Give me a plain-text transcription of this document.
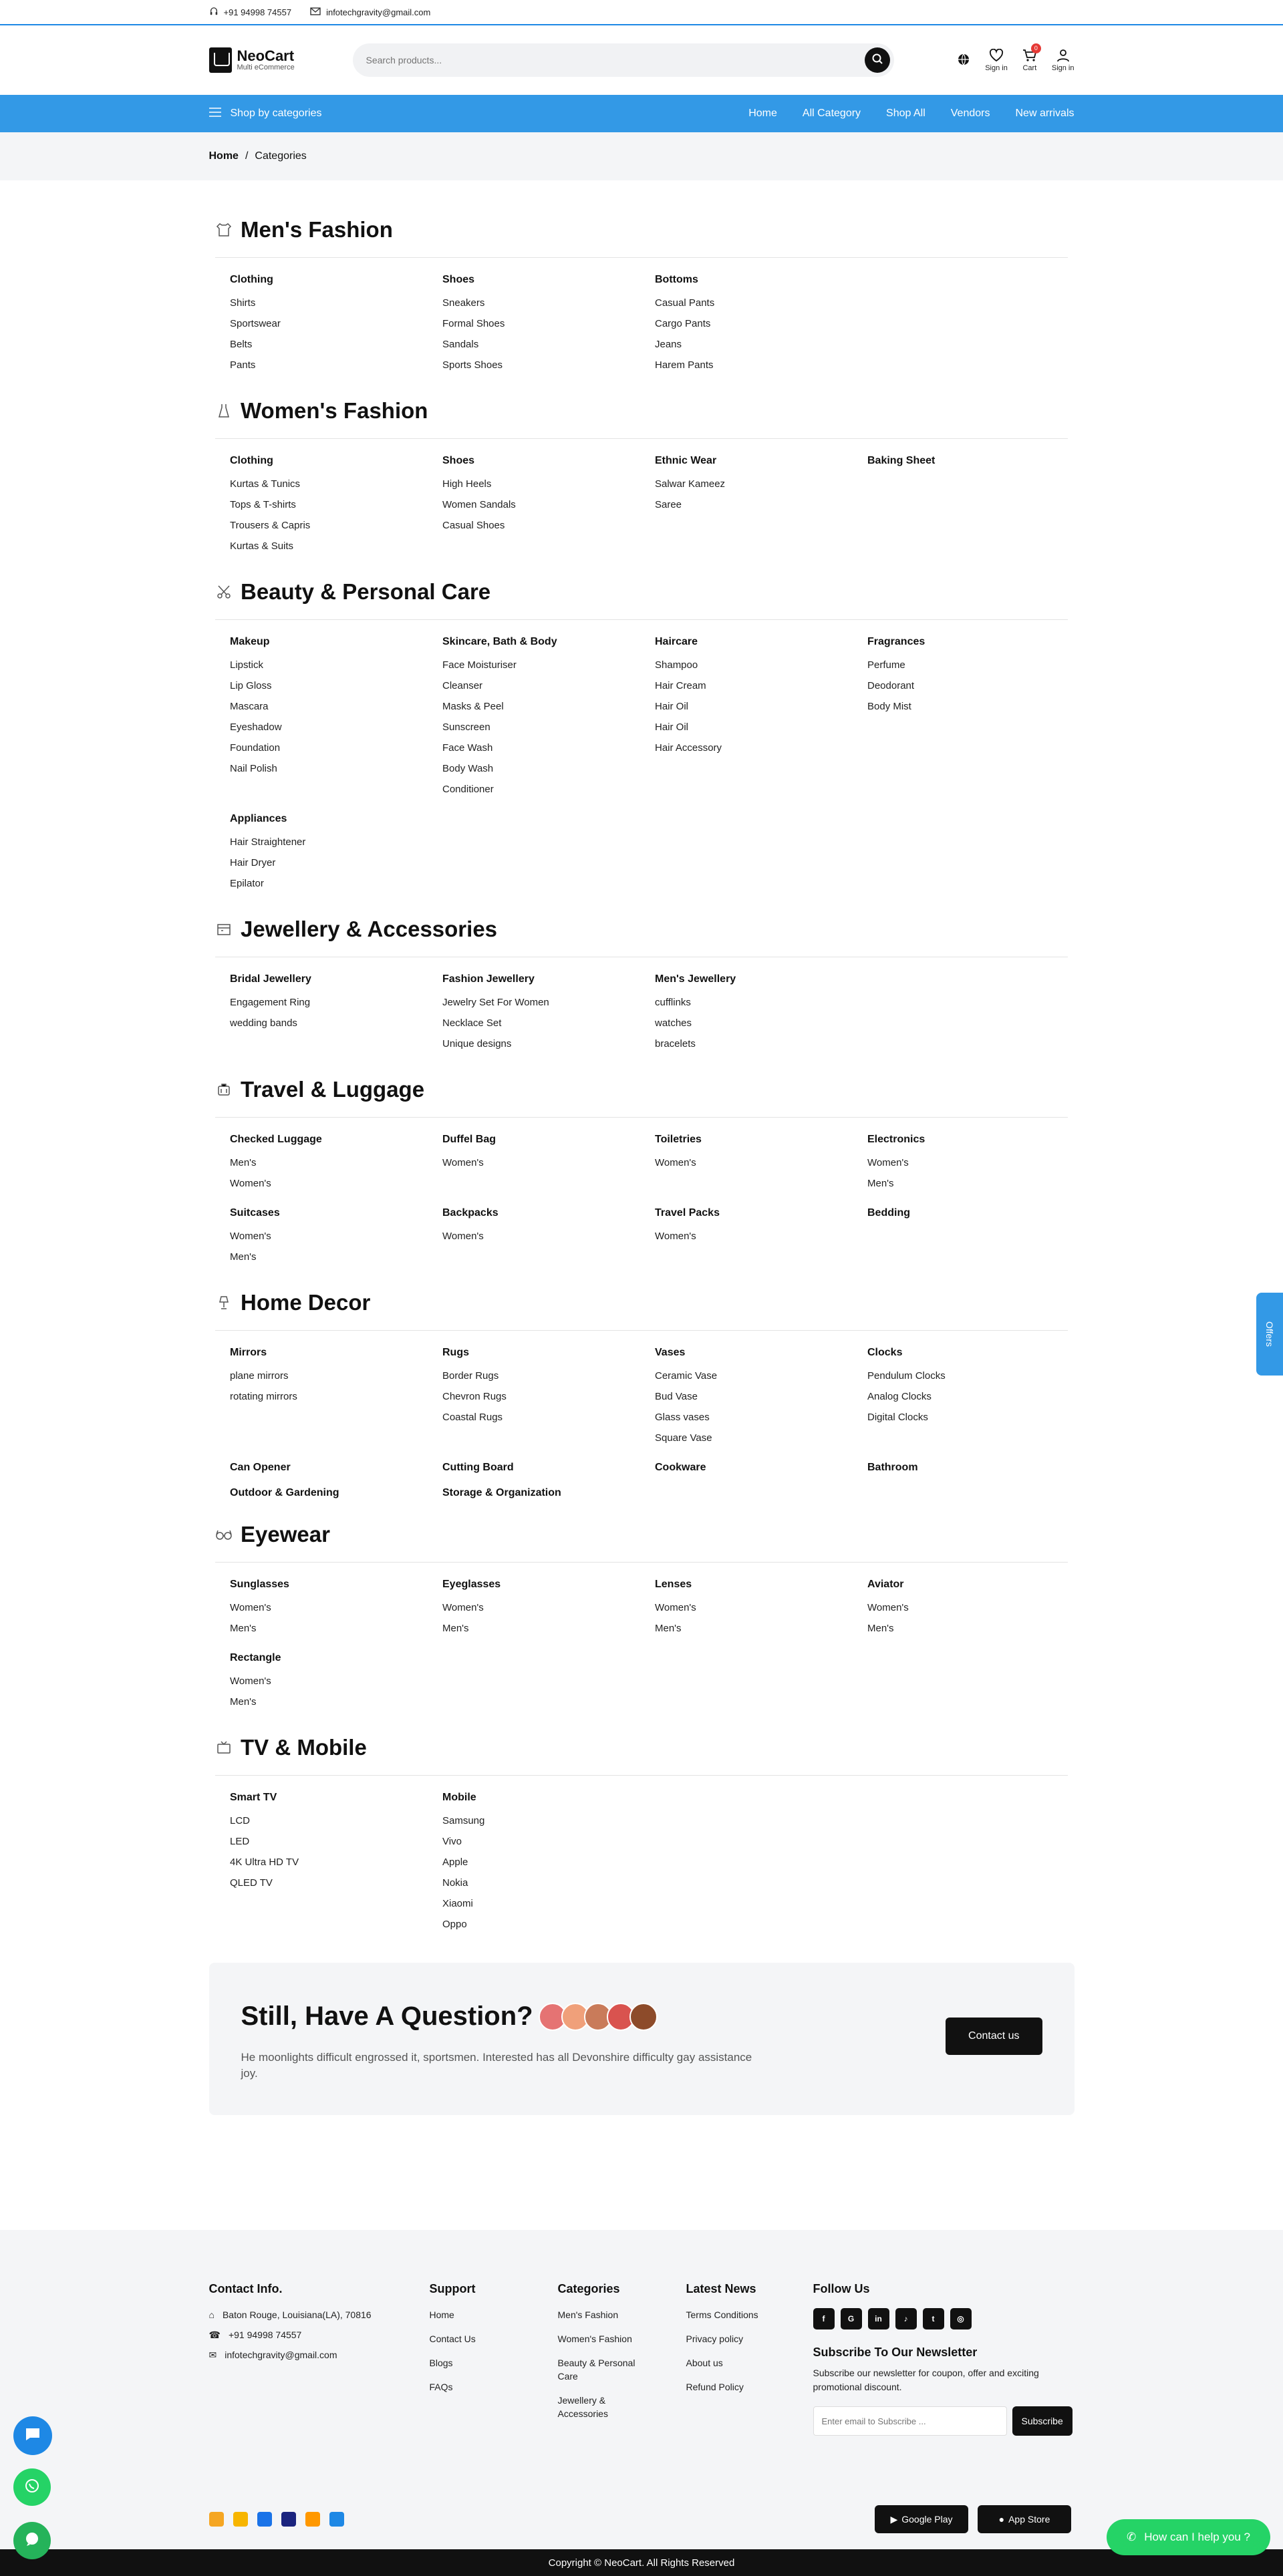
+91 94998 74557	infotechgravity@gmail.com
NeoCart
Multi eCommerce
Search products...	Sign in
0
Cart Sign in
Shop by categories	Home All Category Shop All Vendors New arrivals
Home / Categories
Men's Fashion
Clothing
Shirts
Sportswear
Belts
Pants
Shoes
Sneakers
Formal Shoes
Sandals
Sports Shoes
Bottoms
Casual Pants
Cargo Pants
Jeans
Harem Pants
Women's Fashion
Clothing
Kurtas & Tunics
Tops & T-shirts
Trousers & Capris
Kurtas & Suits
Shoes
High Heels
Women Sandals
Casual Shoes
Ethnic Wear
Salwar Kameez
Saree
Baking Sheet
Beauty & Personal Care
Makeup
Lipstick
Lip Gloss
Mascara
Eyeshadow
Foundation
Nail Polish
Skincare, Bath & Body
Face Moisturiser
Cleanser
Masks & Peel
Sunscreen
Face Wash
Body Wash
Conditioner
Haircare
Shampoo
Hair Cream
Hair Oil
Hair Oil
Hair Accessory
Fragrances
Perfume
Deodorant
Body Mist
Appliances
Hair Straightener
Hair Dryer
Epilator
Jewellery & Accessories
Bridal Jewellery
Engagement Ring
wedding bands
Fashion Jewellery
Jewelry Set For Women
Necklace Set
Unique designs
Men's Jewellery
cufflinks
watches
bracelets
Travel & Luggage
Checked Luggage
Men's
Women's
Duffel Bag
Women's
Toiletries
Women's
Electronics
Women's
Men's
Suitcases
Women's
Men's
Backpacks
Women's
Travel Packs
Women's
Bedding
Home Decor
Mirrors
plane mirrors
rotating mirrors
Rugs
Border Rugs
Chevron Rugs
Coastal Rugs
Vases
Ceramic Vase
Bud Vase
Glass vases
Square Vase
Clocks
Pendulum Clocks
Analog Clocks
Digital Clocks
Can Opener	Cutting Board	Cookware	Bathroom
Outdoor & Gardening	Storage & Organization
Eyewear
Sunglasses
Women's
Men's
Eyeglasses
Women's
Men's
Lenses
Women's
Men's
Aviator
Women's
Men's
Rectangle
Women's
Men's
TV & Mobile
Smart TV
LCD
LED
4K Ultra HD TV
QLED TV
Mobile
Samsung
Vivo
Apple
Nokia
Xiaomi
Oppo
Still, Have A Question?
He moonlights difficult engrossed it, sportsmen. Interested has all Devonshire difficulty gay assistance joy.
Contact us
Contact Info.
⌂ Baton Rouge, Louisiana(LA), 70816
☎ +91 94998 74557
✉ infotechgravity@gmail.com
Support
Home
Contact Us
Blogs
FAQs
Categories
Men's Fashion
Women's Fashion
Beauty & Personal Care
Jewellery & Accessories
Latest News
Terms Conditions
Privacy policy
About us
Refund Policy
Follow Us
f	G	in	♪	t	◎
Subscribe To Our Newsletter
Subscribe our newsletter for coupon, offer and exciting promotional discount.
Enter email to Subscribe ...
Subscribe
▶ Google Play	● App Store
Copyright © NeoCart. All Rights Reserved
Offers
✆ How can I help you ?
